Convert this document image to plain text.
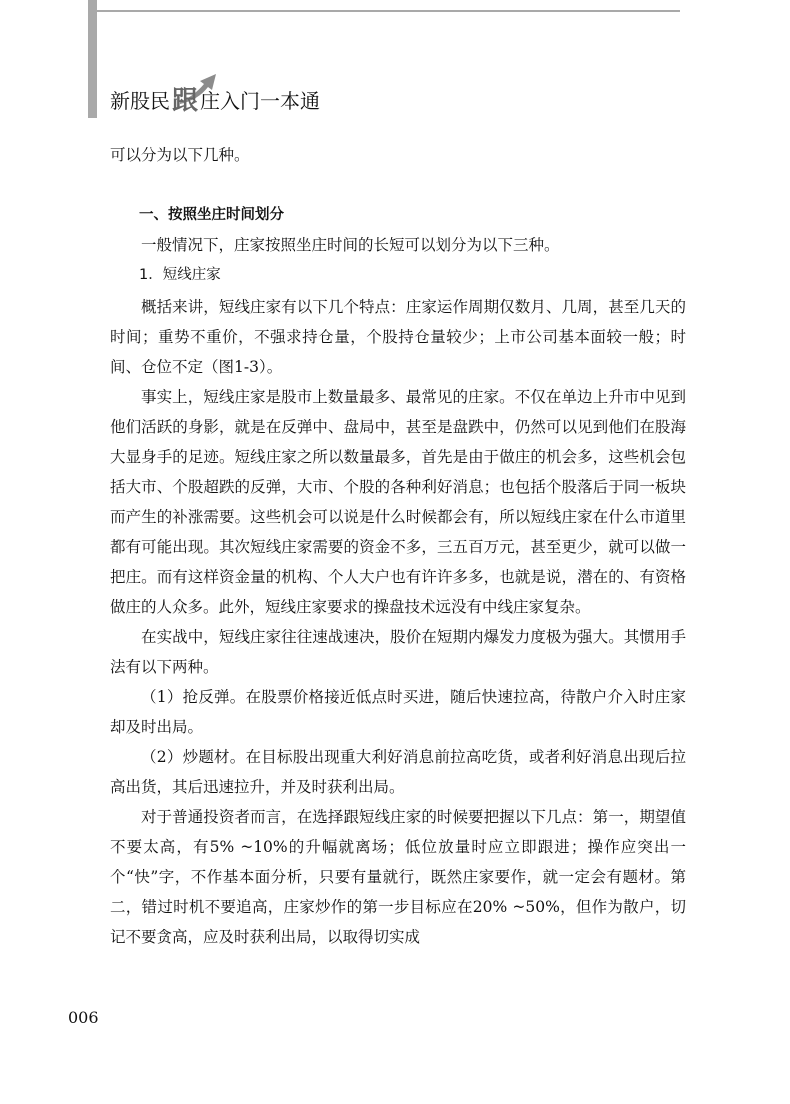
新股民 跟 庄入门一本通

可以分为以下几种。

一、按照坐庄时间划分

一般情况下，庄家按照坐庄时间的长短可以划分为以下三种。

1．短线庄家

概括来讲，短线庄家有以下几个特点：庄家运作周期仅数月、几周，甚至几天的时间；重势不重价，不强求持仓量，个股持仓量较少；上市公司基本面较一般；时间、仓位不定（图1-3）。

事实上，短线庄家是股市上数量最多、最常见的庄家。不仅在单边上升市中见到他们活跃的身影，就是在反弹中、盘局中，甚至是盘跌中，仍然可以见到他们在股海大显身手的足迹。短线庄家之所以数量最多，首先是由于做庄的机会多，这些机会包括大市、个股超跌的反弹，大市、个股的各种利好消息；也包括个股落后于同一板块而产生的补涨需要。这些机会可以说是什么时候都会有，所以短线庄家在什么市道里都有可能出现。其次短线庄家需要的资金不多，三五百万元，甚至更少，就可以做一把庄。而有这样资金量的机构、个人大户也有许许多多，也就是说，潜在的、有资格做庄的人众多。此外，短线庄家要求的操盘技术远没有中线庄家复杂。

在实战中，短线庄家往往速战速决，股价在短期内爆发力度极为强大。其惯用手法有以下两种。

（1）抢反弹。在股票价格接近低点时买进，随后快速拉高，待散户介入时庄家却及时出局。

（2）炒题材。在目标股出现重大利好消息前拉高吃货，或者利好消息出现后拉高出货，其后迅速拉升，并及时获利出局。

对于普通投资者而言，在选择跟短线庄家的时候要把握以下几点：第一，期望值不要太高，有5% ~10%的升幅就离场；低位放量时应立即跟进；操作应突出一个“快”字，不作基本面分析，只要有量就行，既然庄家要作，就一定会有题材。第二，错过时机不要追高，庄家炒作的第一步目标应在20% ~50%，但作为散户，切记不要贪高，应及时获利出局，以取得切实成

006
